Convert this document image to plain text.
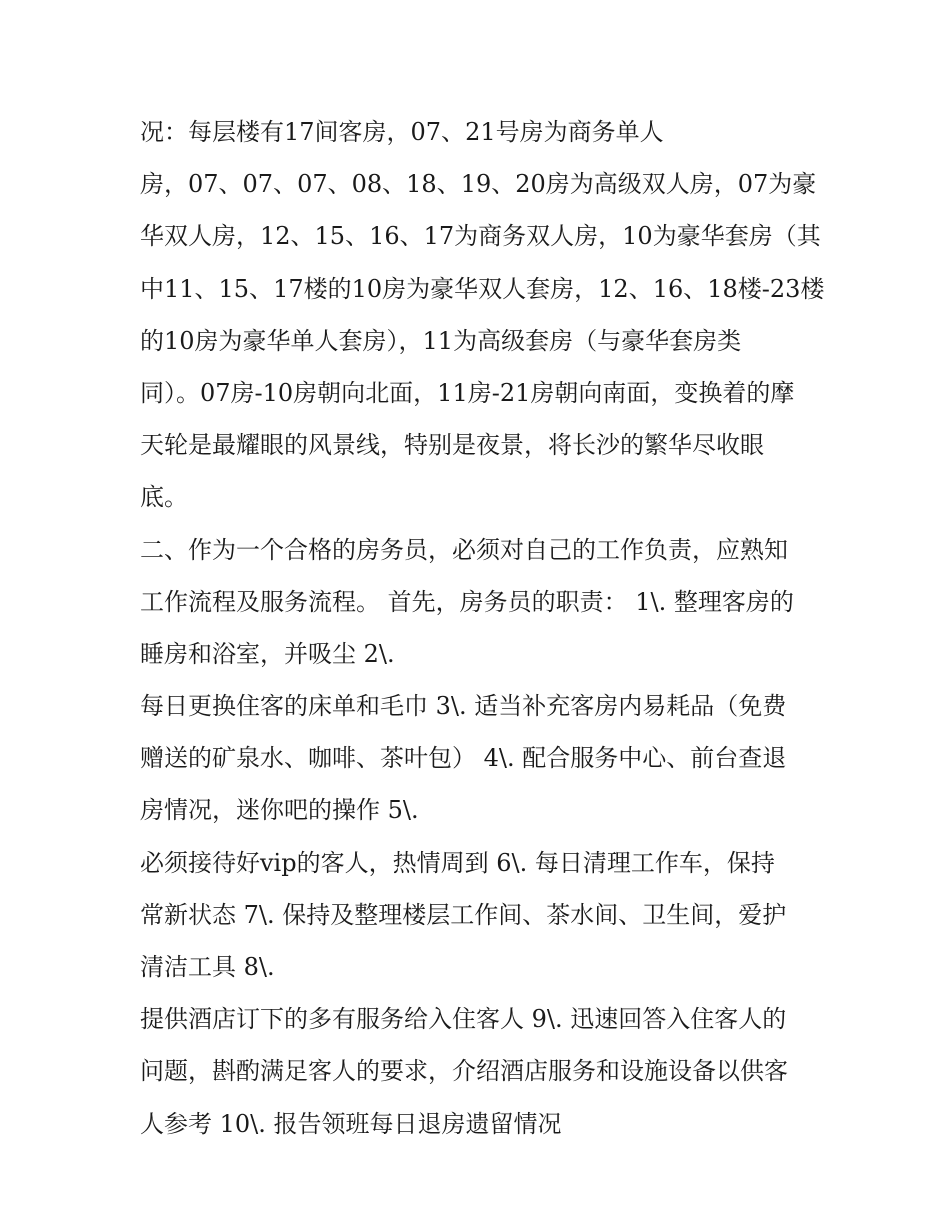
况：每层楼有17间客房，07、21号房为商务单人
房，07、07、07、08、18、19、20房为高级双人房，07为豪
华双人房，12、15、16、17为商务双人房，10为豪华套房（其
中11、15、17楼的10房为豪华双人套房，12、16、18楼-23楼
的10房为豪华单人套房），11为高级套房（与豪华套房类
同）。07房-10房朝向北面，11房-21房朝向南面，变换着的摩
天轮是最耀眼的风景线，特别是夜景，将长沙的繁华尽收眼
底。
二、作为一个合格的房务员，必须对自己的工作负责，应熟知
工作流程及服务流程。 首先，房务员的职责： 1\. 整理客房的
睡房和浴室，并吸尘 2\.
每日更换住客的床单和毛巾 3\. 适当补充客房内易耗品（免费
赠送的矿泉水、咖啡、茶叶包） 4\. 配合服务中心、前台查退
房情况，迷你吧的操作 5\.
必须接待好vip的客人，热情周到 6\. 每日清理工作车，保持
常新状态 7\. 保持及整理楼层工作间、茶水间、卫生间，爱护
清洁工具 8\.
提供酒店订下的多有服务给入住客人 9\. 迅速回答入住客人的
问题，斟酌满足客人的要求，介绍酒店服务和设施设备以供客
人参考 10\. 报告领班每日退房遗留情况
